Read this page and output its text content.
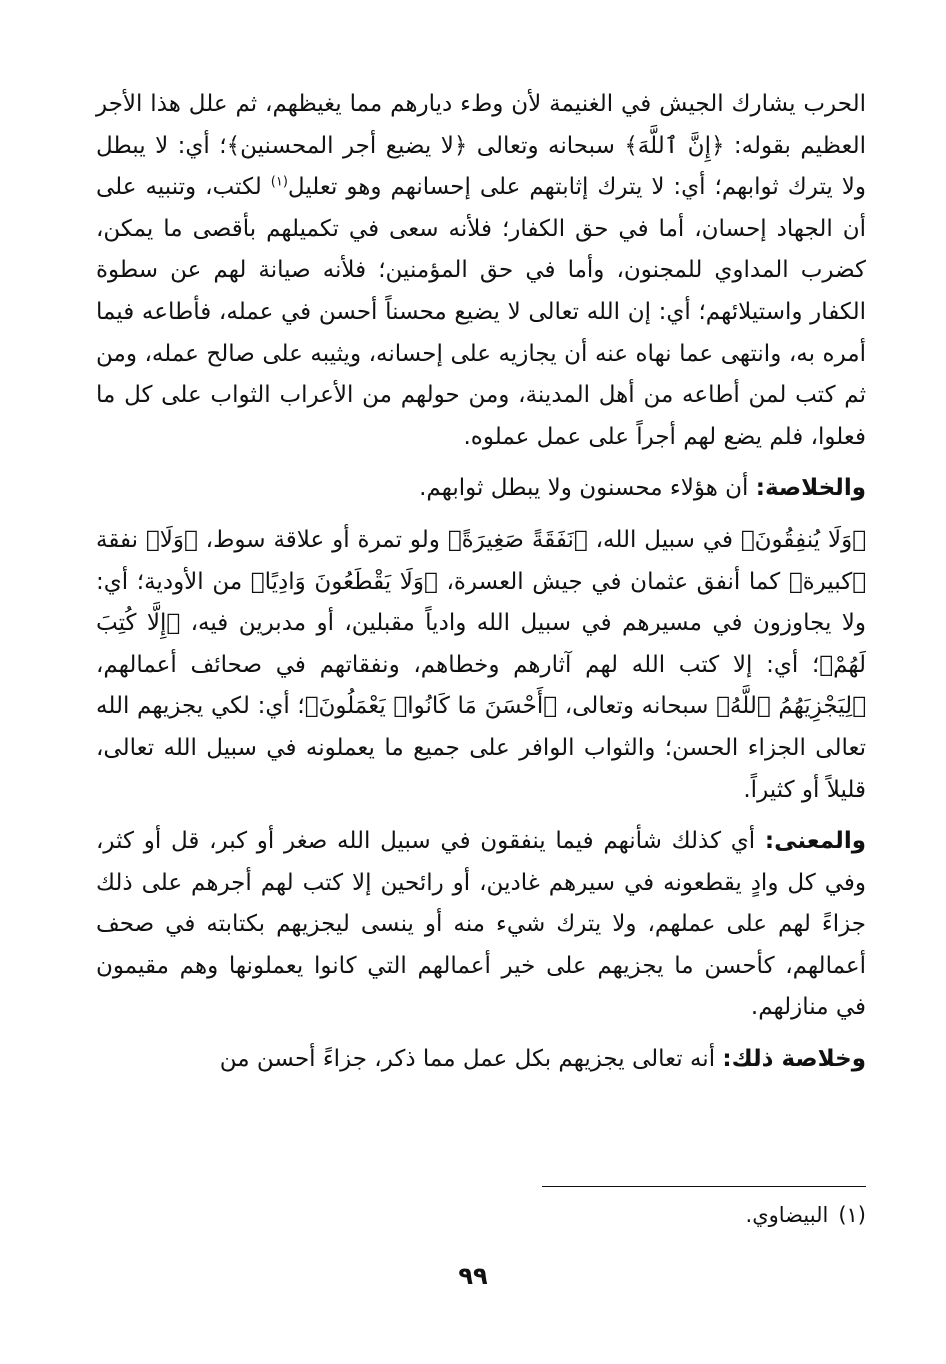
الحرب يشارك الجيش في الغنيمة لأن وطء ديارهم مما يغيظهم، ثم علل هذا الأجر العظيم بقوله: ﴿إِنَّ ٱللَّهَ﴾ سبحانه وتعالى ﴿لا يضيع أجر المحسنين﴾؛ أي: لا يبطل ولا يترك ثوابهم؛ أي: لا يترك إثابتهم على إحسانهم وهو تعليل$^{(١)}$ لكتب، وتنبيه على أن الجهاد إحسان، أما في حق الكفار؛ فلأنه سعى في تكميلهم بأقصى ما يمكن، كضرب المداوي للمجنون، وأما في حق المؤمنين؛ فلأنه صيانة لهم عن سطوة الكفار واستيلائهم؛ أي: إن الله تعالى لا يضيع محسناً أحسن في عمله، فأطاعه فيما أمره به، وانتهى عما نهاه عنه أن يجازيه على إحسانه، ويثيبه على صالح عمله، ومن ثم كتب لمن أطاعه من أهل المدينة، ومن حولهم من الأعراب الثواب على كل ما فعلوا، فلم يضع لهم أجراً على عمل عملوه.

والخلاصة: أن هؤلاء محسنون ولا يبطل ثوابهم.

﴿وَلَا يُنفِقُونَ﴾ في سبيل الله، ﴿نَفَقَةً صَغِيرَةً﴾ ولو تمرة أو علاقة سوط، ﴿وَلَا﴾ نفقة ﴿كبيرة﴾ كما أنفق عثمان في جيش العسرة، ﴿وَلَا يَقْطَعُونَ وَادِيًا﴾ من الأودية؛ أي: ولا يجاوزون في مسيرهم في سبيل الله وادياً مقبلين، أو مدبرين فيه، ﴿إِلَّا كُتِبَ لَهُمْ﴾؛ أي: إلا كتب الله لهم آثارهم وخطاهم، ونفقاتهم في صحائف أعمالهم، ﴿لِيَجْزِيَهُمُ ٱللَّهُ﴾ سبحانه وتعالى، ﴿أَحْسَنَ مَا كَانُوا۟ يَعْمَلُونَ﴾؛ أي: لكي يجزيهم الله تعالى الجزاء الحسن؛ والثواب الوافر على جميع ما يعملونه في سبيل الله تعالى، قليلاً أو كثيراً.

والمعنى: أي كذلك شأنهم فيما ينفقون في سبيل الله صغر أو كبر، قل أو كثر، وفي كل وادٍ يقطعونه في سيرهم غادين، أو رائحين إلا كتب لهم أجرهم على ذلك جزاءً لهم على عملهم، ولا يترك شيء منه أو ينسى ليجزيهم بكتابته في صحف أعمالهم، كأحسن ما يجزيهم على خير أعمالهم التي كانوا يعملونها وهم مقيمون في منازلهم.

وخلاصة ذلك: أنه تعالى يجزيهم بكل عمل مما ذكر، جزاءً أحسن من

(١)البيضاوي.
٩٩
